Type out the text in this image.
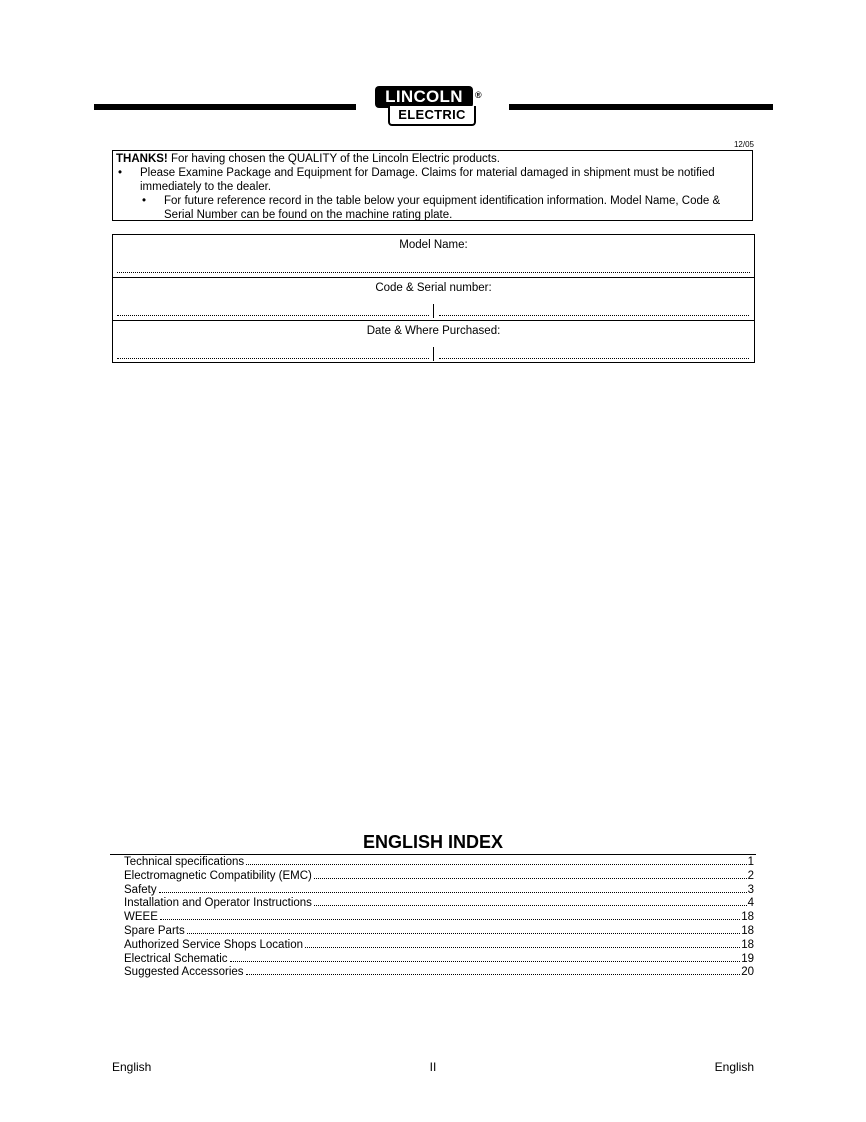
LINCOLN
ELECTRIC
®
12/05
THANKS! For having chosen the QUALITY of the Lincoln Electric products.
• Please Examine Package and Equipment for Damage. Claims for material damaged in shipment must be notified
immediately to the dealer.
• For future reference record in the table below your equipment identification information. Model Name, Code &
Serial Number can be found on the machine rating plate.
Model Name:
Code & Serial number:
Date & Where Purchased:
ENGLISH INDEX
Technical specifications	1
Electromagnetic Compatibility (EMC)	2
Safety	3
Installation and Operator Instructions	4
WEEE	18
Spare Parts	18
Authorized Service Shops Location	18
Electrical Schematic	19
Suggested Accessories	20
English	II	English
